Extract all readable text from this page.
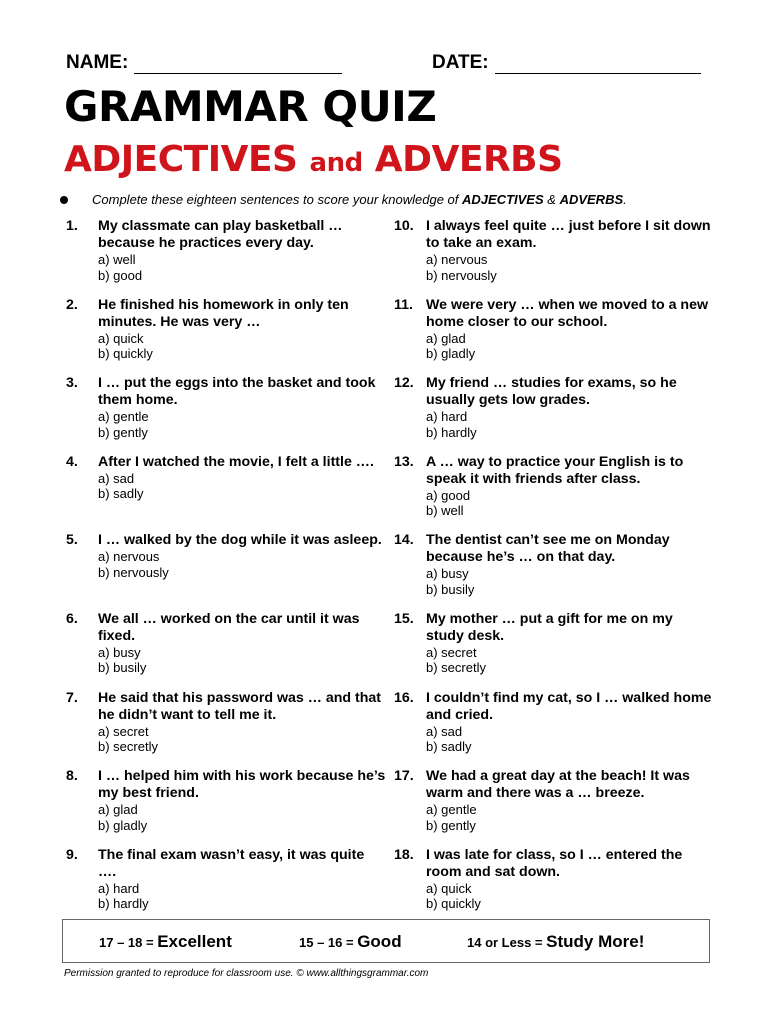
NAME:	DATE:
GRAMMAR QUIZ
ADJECTIVES and ADVERBS
Complete these eighteen sentences to score your knowledge of ADJECTIVES & ADVERBS.
1.	My classmate can play basketball … because he practices every day.
a) well
b) good
2.	He finished his homework in only ten minutes. He was very …
a) quick
b) quickly
3.	I … put the eggs into the basket and took them home.
a) gentle
b) gently
4.	After I watched the movie, I felt a little ….
a) sad
b) sadly
5.	I … walked by the dog while it was asleep.
a) nervous
b) nervously
6.	We all … worked on the car until it was fixed.
a) busy
b) busily
7.	He said that his password was … and that he didn’t want to tell me it.
a) secret
b) secretly
8.	I … helped him with his work because he’s my best friend.
a) glad
b) gladly
9.	The final exam wasn’t easy, it was quite ….
a) hard
b) hardly
10. I always feel quite … just before I sit down to take an exam.
a) nervous
b) nervously
11. We were very … when we moved to a new home closer to our school.
a) glad
b) gladly
12. My friend … studies for exams, so he usually gets low grades.
a) hard
b) hardly
13. A … way to practice your English is to speak it with friends after class.
a) good
b) well
14. The dentist can’t see me on Monday because he’s … on that day.
a) busy
b) busily
15. My mother … put a gift for me on my study desk.
a) secret
b) secretly
16. I couldn’t find my cat, so I … walked home and cried.
a) sad
b) sadly
17. We had a great day at the beach! It was warm and there was a … breeze.
a) gentle
b) gently
18. I was late for class, so I … entered the room and sat down.
a) quick
b) quickly
17 – 18 = Excellent	15 – 16 = Good	14 or Less = Study More!
Permission granted to reproduce for classroom use. © www.allthingsgrammar.com
